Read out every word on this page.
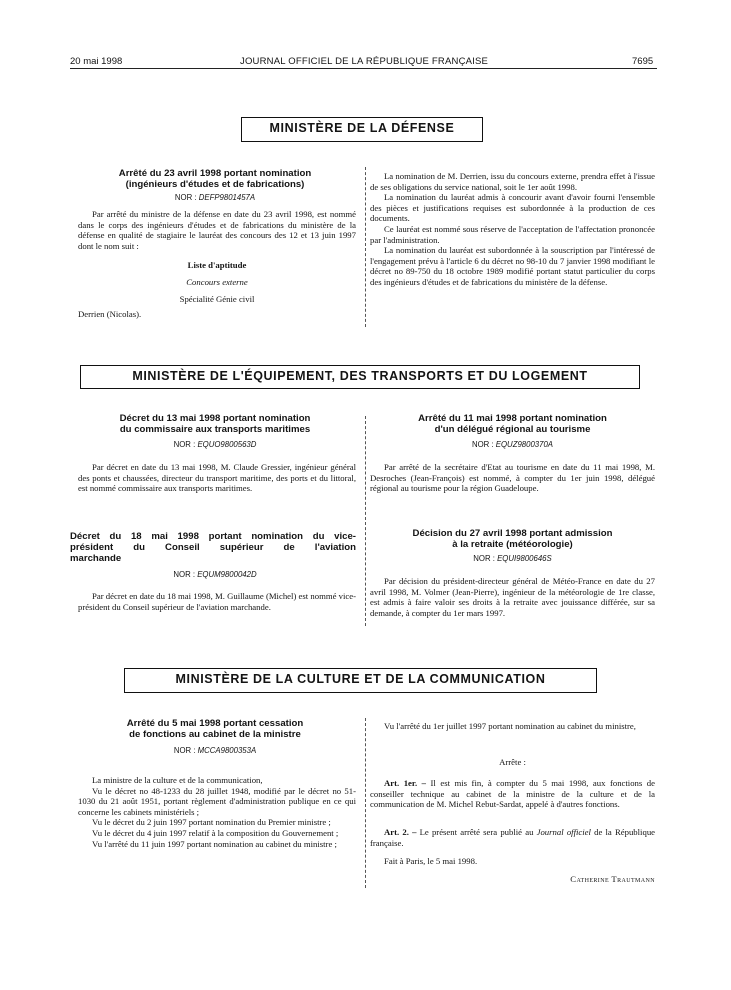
20 mai 1998	JOURNAL OFFICIEL DE LA RÉPUBLIQUE FRANÇAISE	7695
MINISTÈRE DE LA DÉFENSE
Arrêté du 23 avril 1998 portant nomination
(ingénieurs d'études et de fabrications)
NOR : DEFP9801457A

Par arrêté du ministre de la défense en date du 23 avril 1998, est nommé dans le corps des ingénieurs d'études et de fabrications du ministère de la défense en qualité de stagiaire le lauréat des concours des 12 et 13 juin 1997 dont le nom suit :

Liste d'aptitude
Concours externe
Spécialité Génie civil
Derrien (Nicolas).

La nomination de M. Derrien, issu du concours externe, prendra effet à l'issue de ses obligations du service national, soit le 1er août 1998.

La nomination du lauréat admis à concourir avant d'avoir fourni l'ensemble des pièces et justifications requises est subordonnée à la production de ces documents.

Ce lauréat est nommé sous réserve de l'acceptation de l'affectation prononcée par l'administration.

La nomination du lauréat est subordonnée à la souscription par l'intéressé de l'engagement prévu à l'article 6 du décret no 98-10 du 7 janvier 1998 modifiant le décret no 89-750 du 18 octobre 1989 modifié portant statut particulier du corps des ingénieurs d'études et de fabrications du ministère de la défense.

MINISTÈRE DE L'ÉQUIPEMENT, DES TRANSPORTS ET DU LOGEMENT
Décret du 13 mai 1998 portant nomination
du commissaire aux transports maritimes
NOR : EQUO9800563D

Par décret en date du 13 mai 1998, M. Claude Gressier, ingénieur général des ponts et chaussées, directeur du transport maritime, des ports et du littoral, est nommé commissaire aux transports maritimes.

Décret du 18 mai 1998 portant nomination du vice-
président du Conseil supérieur de l'aviation
marchande
NOR : EQUM9800042D

Par décret en date du 18 mai 1998, M. Guillaume (Michel) est nommé vice-président du Conseil supérieur de l'aviation marchande.

Arrêté du 11 mai 1998 portant nomination
d'un délégué régional au tourisme
NOR : EQUZ9800370A

Par arrêté de la secrétaire d'Etat au tourisme en date du 11 mai 1998, M. Desroches (Jean-François) est nommé, à compter du 1er juin 1998, délégué régional au tourisme pour la région Guadeloupe.

Décision du 27 avril 1998 portant admission
à la retraite (météorologie)
NOR : EQUI9800646S

Par décision du président-directeur général de Météo-France en date du 27 avril 1998, M. Volmer (Jean-Pierre), ingénieur de la météorologie de 1re classe, est admis à faire valoir ses droits à la retraite avec jouissance différée, sur sa demande, à compter du 1er mars 1997.

MINISTÈRE DE LA CULTURE ET DE LA COMMUNICATION
Arrêté du 5 mai 1998 portant cessation
de fonctions au cabinet de la ministre
NOR : MCCA9800353A

La ministre de la culture et de la communication,

Vu le décret no 48-1233 du 28 juillet 1948, modifié par le décret no 51-1030 du 21 août 1951, portant règlement d'administration publique en ce qui concerne les cabinets ministériels ;

Vu le décret du 2 juin 1997 portant nomination du Premier ministre ;

Vu le décret du 4 juin 1997 relatif à la composition du Gouvernement ;

Vu l'arrêté du 11 juin 1997 portant nomination au cabinet du ministre ;

Vu l'arrêté du 1er juillet 1997 portant nomination au cabinet du ministre,

Arrête :

Art. 1er. – Il est mis fin, à compter du 5 mai 1998, aux fonctions de conseiller technique au cabinet de la ministre de la culture et de la communication de M. Michel Rebut-Sardat, appelé à d'autres fonctions.

Art. 2. – Le présent arrêté sera publié au Journal officiel de la République française.

Fait à Paris, le 5 mai 1998.

Catherine Trautmann
